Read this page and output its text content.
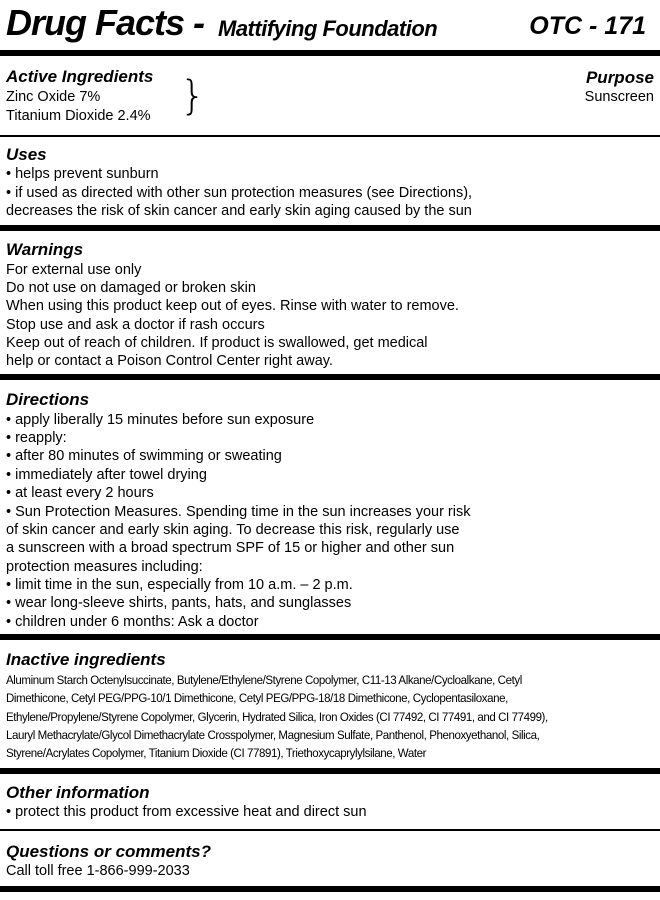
Drug Facts - Mattifying Foundation	OTC - 171
Active Ingredients
Zinc Oxide 7%
Titanium Dioxide 2.4% }	Purpose
Sunscreen
Uses
• helps prevent sunburn
• if used as directed with other sun protection measures (see Directions),
decreases the risk of skin cancer and early skin aging caused by the sun
Warnings
For external use only
Do not use on damaged or broken skin
When using this product keep out of eyes. Rinse with water to remove.
Stop use and ask a doctor if rash occurs
Keep out of reach of children. If product is swallowed, get medical
help or contact a Poison Control Center right away.
Directions
• apply liberally 15 minutes before sun exposure
• reapply:
• after 80 minutes of swimming or sweating
• immediately after towel drying
• at least every 2 hours
• Sun Protection Measures. Spending time in the sun increases your risk
of skin cancer and early skin aging. To decrease this risk, regularly use
a sunscreen with a broad spectrum SPF of 15 or higher and other sun
protection measures including:
• limit time in the sun, especially from 10 a.m. – 2 p.m.
• wear long-sleeve shirts, pants, hats, and sunglasses
• children under 6 months: Ask a doctor
Inactive ingredients
Aluminum Starch Octenylsuccinate, Butylene/Ethylene/Styrene Copolymer, C11-13 Alkane/Cycloalkane, Cetyl
Dimethicone, Cetyl PEG/PPG-10/1 Dimethicone, Cetyl PEG/PPG-18/18 Dimethicone, Cyclopentasiloxane,
Ethylene/Propylene/Styrene Copolymer, Glycerin, Hydrated Silica, Iron Oxides (CI 77492, CI 77491, and CI 77499),
Lauryl Methacrylate/Glycol Dimethacrylate Crosspolymer, Magnesium Sulfate, Panthenol, Phenoxyethanol, Silica,
Styrene/Acrylates Copolymer, Titanium Dioxide (CI 77891), Triethoxycaprylylsilane, Water
Other information
• protect this product from excessive heat and direct sun
Questions or comments?
Call toll free 1-866-999-2033
